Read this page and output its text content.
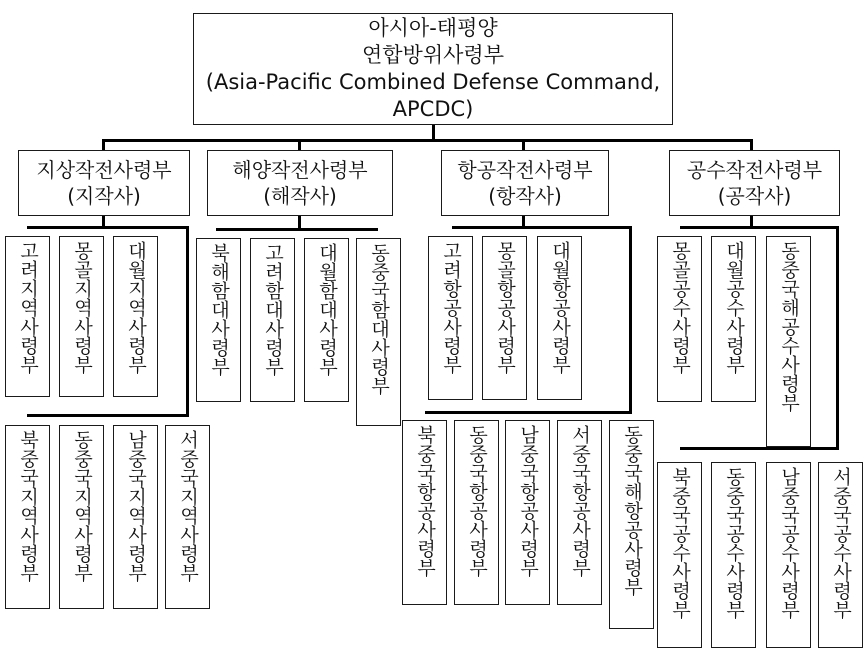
아시아-태평양
연합방위사령부
(Asia-Pacific Combined Defense Command,
APCDC)
지상작전사령부
(지작사)
해양작전사령부
(해작사)
항공작전사령부
(항작사)
공수작전사령부
(공작사)
고려지역사령부 몽골지역사령부 대월지역사령부
북중국지역사령부 동중국지역사령부 남중국지역사령부 서중국지역사령부
북해함대사령부 고려함대사령부 대월함대사령부 동중국함대사령부	고려항공사령부 몽골항공사령부 대월항공사령부
북중국항공사령부 동중국항공사령부 남중국항공사령부 서중국항공사령부 동중국해항공사령부
몽골공수사령부 대월공수사령부 동중국해공수사령부
북중국공수사령부 동중국공수사령부 남중국공수사령부 서중국공수사령부
